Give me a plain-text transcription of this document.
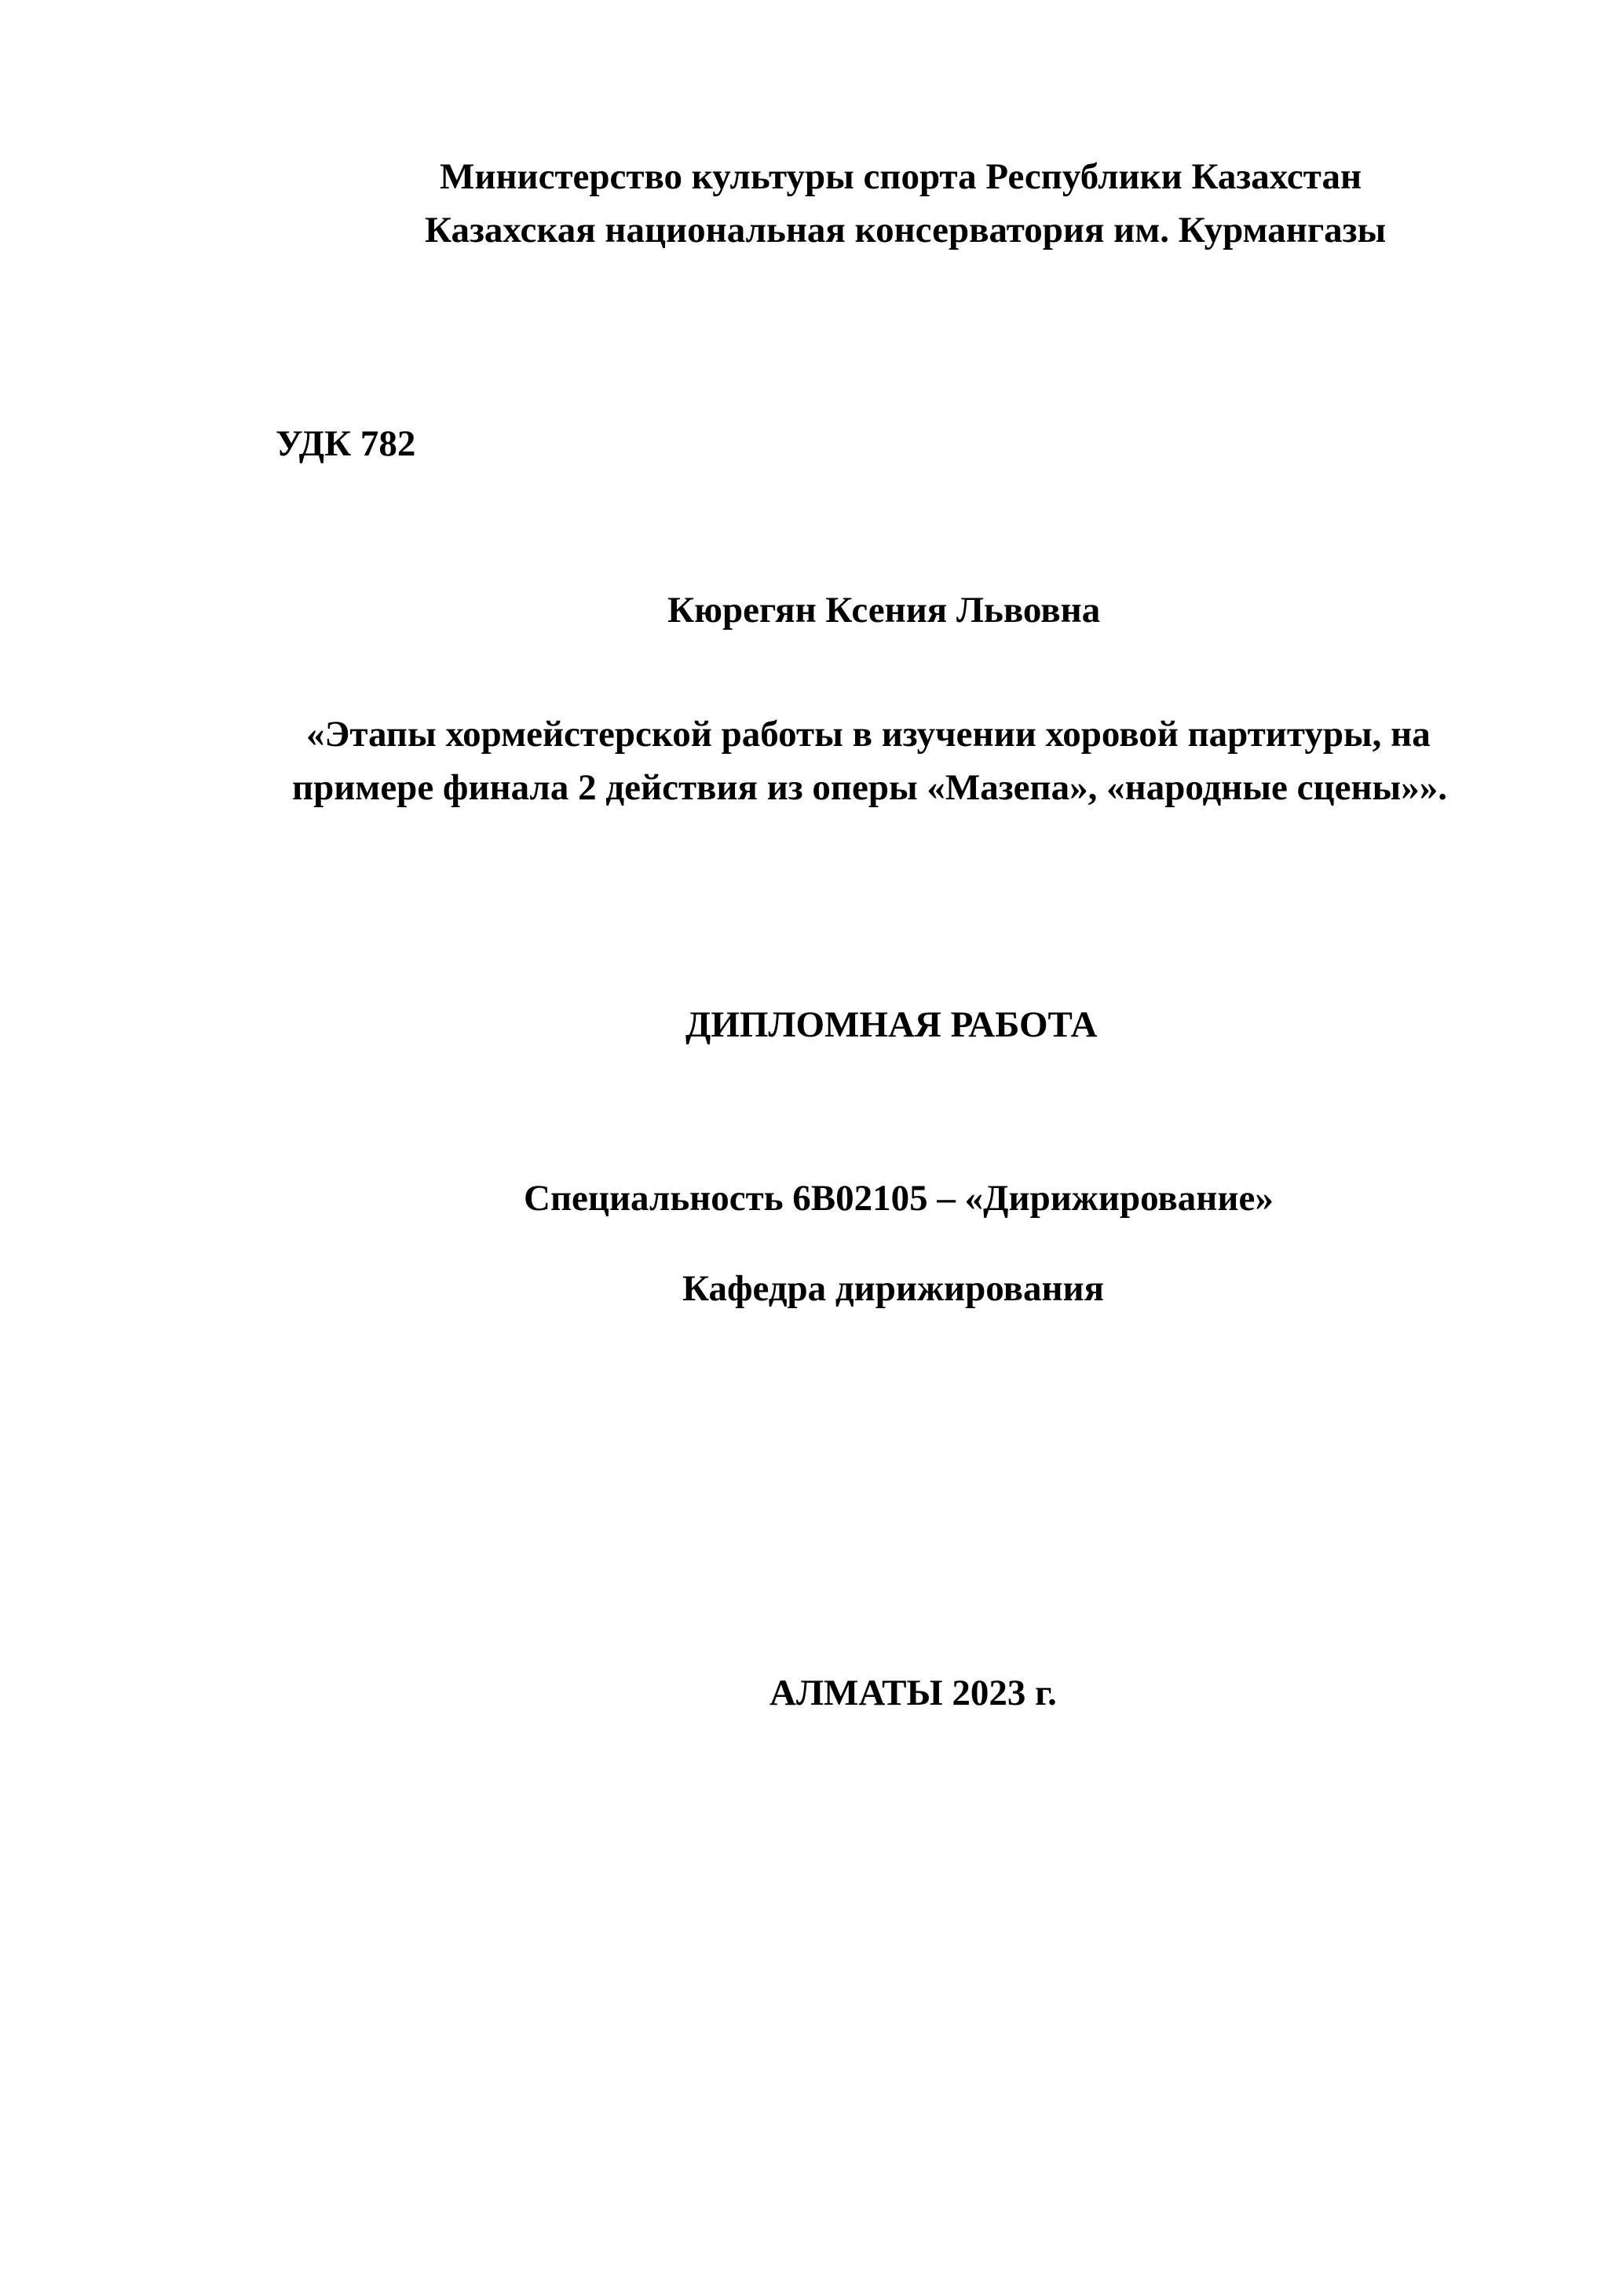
Министерство культуры спорта Республики Казахстан

Казахская национальная консерватория им. Курмангазы

УДК 782

Кюрегян Ксения Львовна

«Этапы хормейстерской работы в изучении хоровой партитуры, на

примере финала 2 действия из оперы «Мазепа», «народные сцены»».

ДИПЛОМНАЯ РАБОТА

Специальность 6В02105 – «Дирижирование»

Кафедра дирижирования

АЛМАТЫ 2023 г.
